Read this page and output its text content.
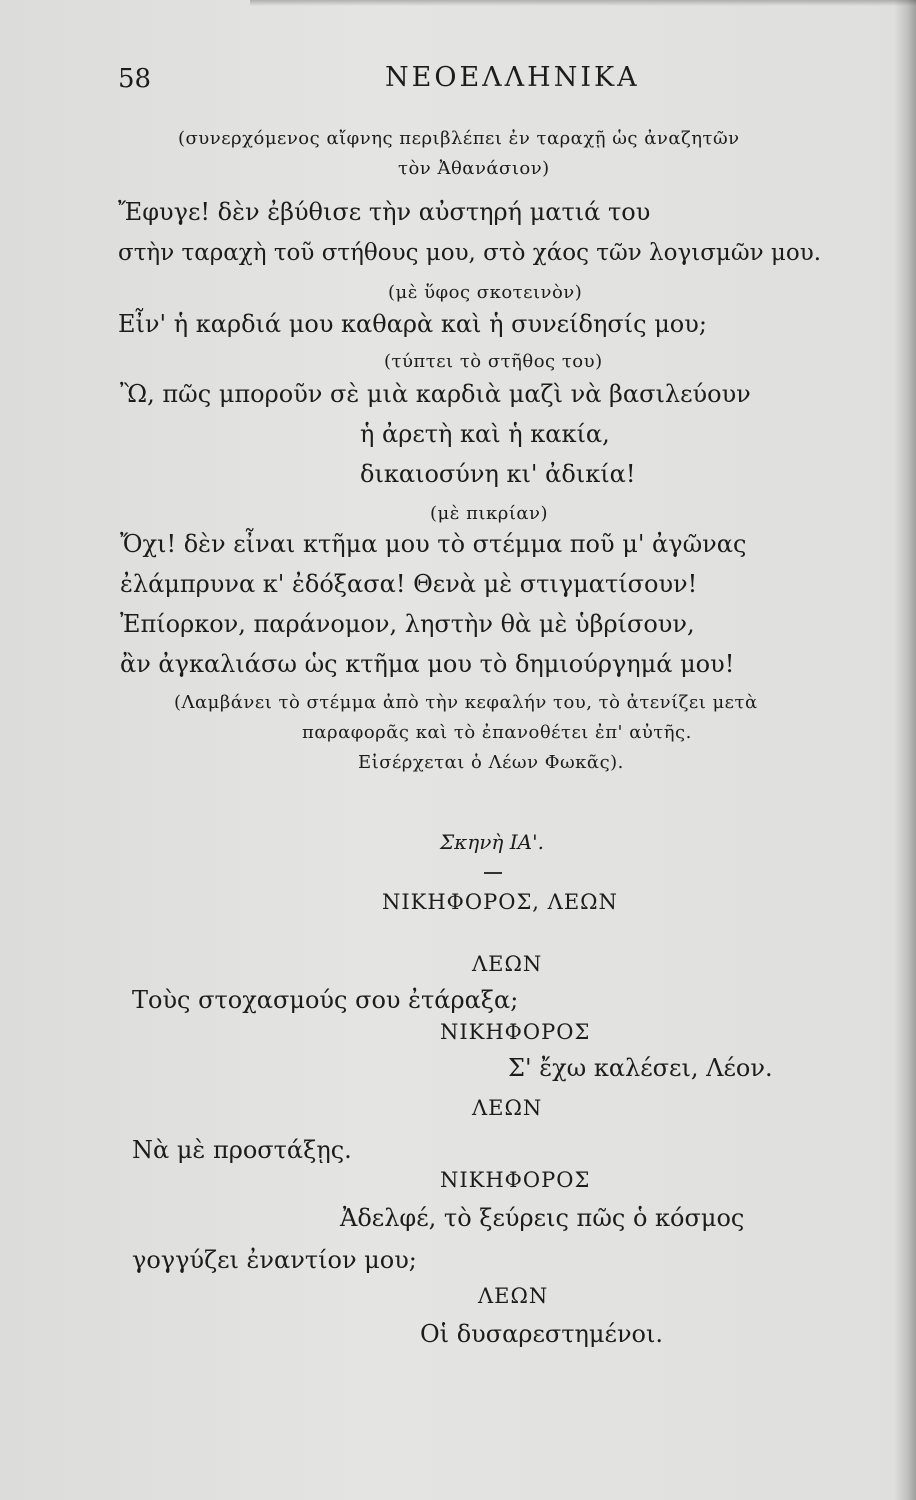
58	ΝΕΟΕΛΛΗΝΙΚΑ
(συνερχόμενος αἴφνης περιβλέπει ἐν ταραχῇ ὡς ἀναζητῶν
τὸν Ἀθανάσιον)
Ἔφυγε! δὲν ἐβύθισε τὴν αὐστηρή ματιά του
στὴν ταραχὴ τοῦ στήθους μου, στὸ χάος τῶν λογισμῶν μου.
(μὲ ὕφος σκοτεινὸν)
Εἶν' ἡ καρδιά μου καθαρὰ καὶ ἡ συνείδησίς μου;
(τύπτει τὸ στῆθος του)
Ὢ, πῶς μποροῦν σὲ μιὰ καρδιὰ μαζὶ νὰ βασιλεύουν
ἡ ἀρετὴ καὶ ἡ κακία,
δικαιοσύνη κι' ἀδικία!
(μὲ πικρίαν)
Ὄχι! δὲν εἶναι κτῆμα μου τὸ στέμμα ποῦ μ' ἀγῶνας
ἐλάμπρυνα κ' ἐδόξασα! Θενὰ μὲ στιγματίσουν!
Ἐπίορκον, παράνομον, ληστὴν θὰ μὲ ὑβρίσουν,
ἂν ἀγκαλιάσω ὡς κτῆμα μου τὸ δημιούργημά μου!
(Λαμβάνει τὸ στέμμα ἀπὸ τὴν κεφαλήν του, τὸ ἀτενίζει μετὰ
παραφορᾶς καὶ τὸ ἐπανοθέτει ἐπ' αὐτῆς.
Εἰσέρχεται ὁ Λέων Φωκᾶς).
Σκηνὴ ΙΑ'.
ΝΙΚΗΦΟΡΟΣ, ΛΕΩΝ
ΛΕΩΝ
Τοὺς στοχασμούς σου ἐτάραξα;
ΝΙΚΗΦΟΡΟΣ
Σ' ἔχω καλέσει, Λέον.
ΛΕΩΝ
Νὰ μὲ προστάξῃς.
ΝΙΚΗΦΟΡΟΣ
Ἀδελφέ, τὸ ξεύρεις πῶς ὁ κόσμος
γογγύζει ἐναντίον μου;
ΛΕΩΝ
Οἱ δυσαρεστημένοι.
